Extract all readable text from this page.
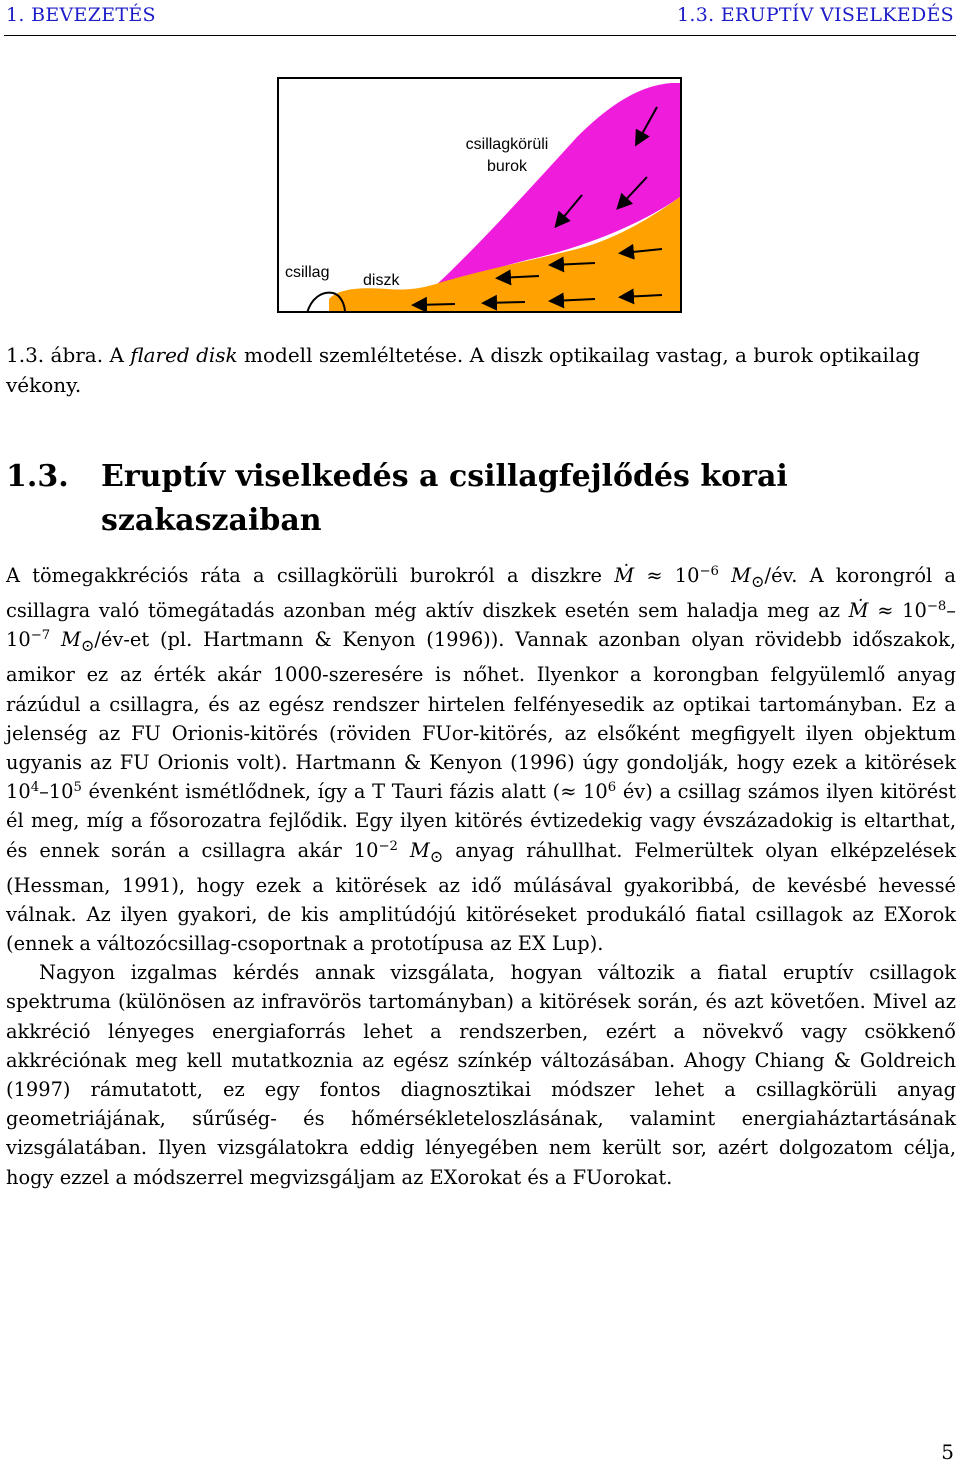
1. BEVEZETÉS	1.3. ERUPTÍV VISELKEDÉS
csillagkörüli burok
csillag diszk
1.3. ábra. A flared disk modell szemléltetése. A diszk optikailag vastag, a burok optikailag vékony.
1.3.	Eruptív viselkedés a csillagfejlődés korai szakaszaiban

A tömegakkréciós ráta a csillagkörüli burokról a diszkre Ṁ ≈ $10^{-6}$ $M_⊙/év$. A korongról a csillagra való tömegátadás azonban még aktív diszkek esetén sem haladja meg az Ṁ ≈ $10^{-8}-10^{-7}$ $M_⊙/év-et$ (pl. Hartmann & Kenyon (1996)). Vannak azonban olyan rövidebb időszakok, amikor ez az érték akár 1000-szeresére is nőhet. Ilyenkor a korongban felgyülemlő anyag rázúdul a csillagra, és az egész rendszer hirtelen felfényesedik az optikai tartományban. Ez a jelenség az FU Orionis-kitörés (röviden FUor-kitörés, az elsőként megfigyelt ilyen objektum ugyanis az FU Orionis volt). Hartmann & Kenyon (1996) úgy gondolják, hogy ezek a kitörések $10^4-10^5$ évenként ismétlődnek, így a T Tauri fázis alatt (≈ $10^6$ év) a csillag számos ilyen kitörést él meg, míg a fősorozatra fejlődik. Egy ilyen kitörés évtizedekig vagy évszázadokig is eltarthat, és ennek során a csillagra akár $10^{-2}$ $M_⊙$ anyag ráhullhat. Felmerültek olyan elképzelések (Hessman, 1991), hogy ezek a kitörések az idő múlásával gyakoribbá, de kevésbé hevessé válnak. Az ilyen gyakori, de kis amplitúdójú kitöréseket produkáló fiatal csillagok az EXorok (ennek a változócsillag-csoportnak a prototípusa az EX Lup).

Nagyon izgalmas kérdés annak vizsgálata, hogyan változik a fiatal eruptív csillagok spektruma (különösen az infravörös tartományban) a kitörések során, és azt követően. Mivel az akkréció lényeges energiaforrás lehet a rendszerben, ezért a növekvő vagy csökkenő akkréciónak meg kell mutatkoznia az egész színkép változásában. Ahogy Chiang & Goldreich (1997) rámutatott, ez egy fontos diagnosztikai módszer lehet a csillagkörüli anyag geometriájának, sűrűség- és hőmérsékleteloszlásának, valamint energiaháztartásának vizsgálatában. Ilyen vizsgálatokra eddig lényegében nem került sor, azért dolgozatom célja, hogy ezzel a módszerrel megvizsgáljam az EXorokat és a FUorokat.

5
